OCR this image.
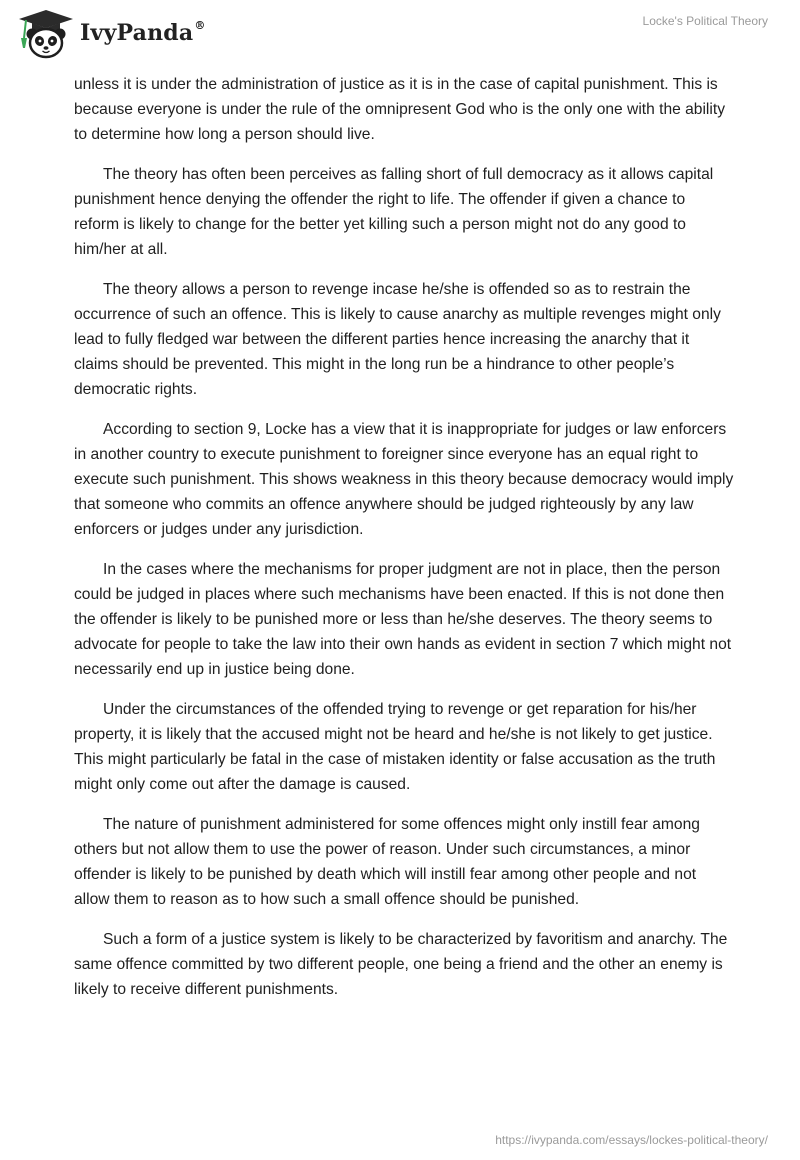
IvyPanda®	Locke's Political Theory

unless it is under the administration of justice as it is in the case of capital punishment. This is because everyone is under the rule of the omnipresent God who is the only one with the ability to determine how long a person should live.

The theory has often been perceives as falling short of full democracy as it allows capital punishment hence denying the offender the right to life. The offender if given a chance to reform is likely to change for the better yet killing such a person might not do any good to him/her at all.

The theory allows a person to revenge incase he/she is offended so as to restrain the occurrence of such an offence. This is likely to cause anarchy as multiple revenges might only lead to fully fledged war between the different parties hence increasing the anarchy that it claims should be prevented. This might in the long run be a hindrance to other people’s democratic rights.

According to section 9, Locke has a view that it is inappropriate for judges or law enforcers in another country to execute punishment to foreigner since everyone has an equal right to execute such punishment. This shows weakness in this theory because democracy would imply that someone who commits an offence anywhere should be judged righteously by any law enforcers or judges under any jurisdiction.

In the cases where the mechanisms for proper judgment are not in place, then the person could be judged in places where such mechanisms have been enacted. If this is not done then the offender is likely to be punished more or less than he/she deserves. The theory seems to advocate for people to take the law into their own hands as evident in section 7 which might not necessarily end up in justice being done.

Under the circumstances of the offended trying to revenge or get reparation for his/her property, it is likely that the accused might not be heard and he/she is not likely to get justice. This might particularly be fatal in the case of mistaken identity or false accusation as the truth might only come out after the damage is caused.

The nature of punishment administered for some offences might only instill fear among others but not allow them to use the power of reason. Under such circumstances, a minor offender is likely to be punished by death which will instill fear among other people and not allow them to reason as to how such a small offence should be punished.

Such a form of a justice system is likely to be characterized by favoritism and anarchy. The same offence committed by two different people, one being a friend and the other an enemy is likely to receive different punishments.

https://ivypanda.com/essays/lockes-political-theory/
